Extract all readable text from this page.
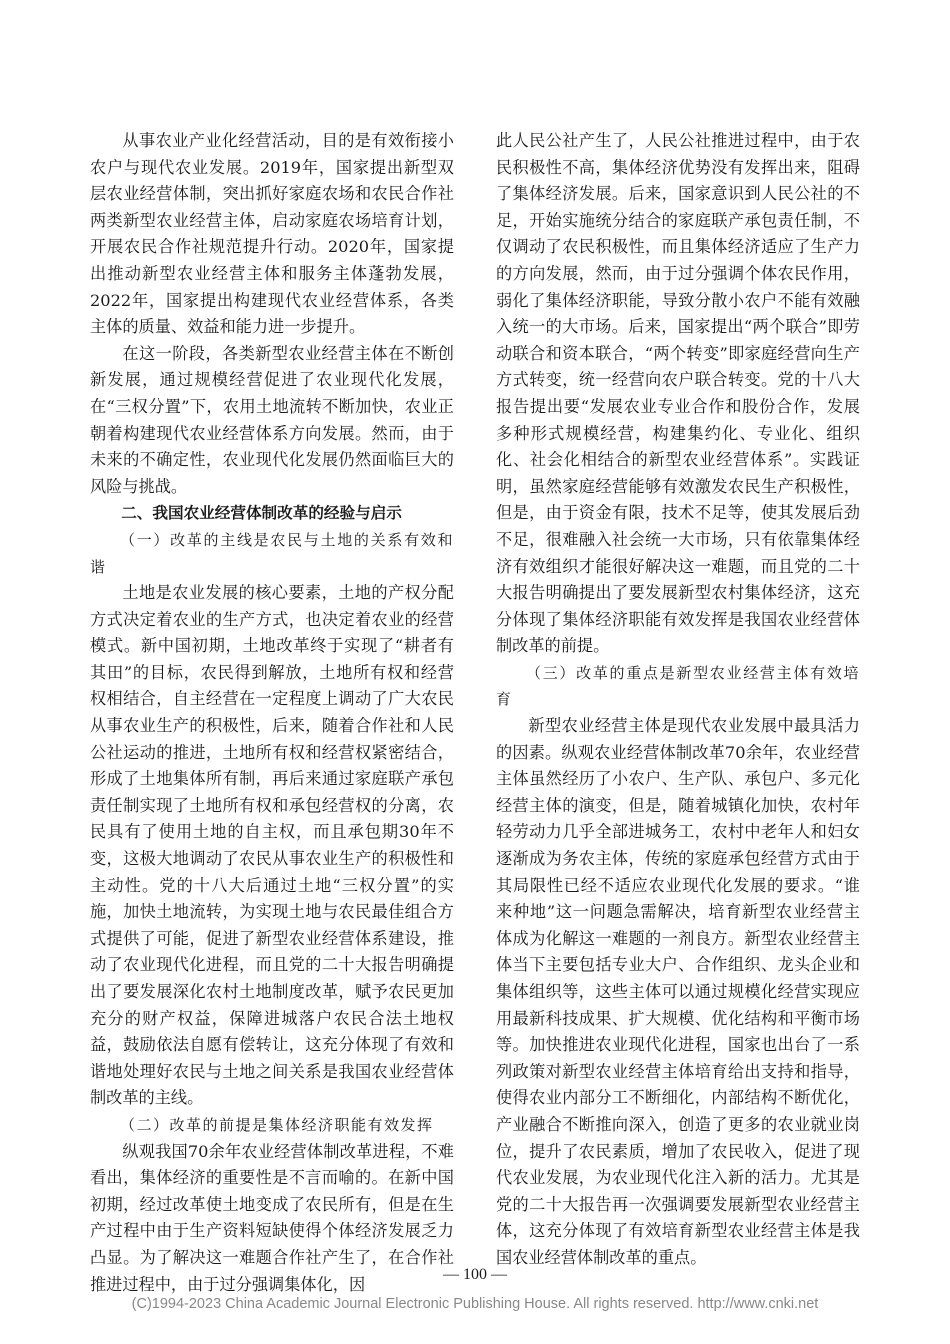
从事农业产业化经营活动，目的是有效衔接小农户与现代农业发展。2019年，国家提出新型双层农业经营体制，突出抓好家庭农场和农民合作社两类新型农业经营主体，启动家庭农场培育计划，开展农民合作社规范提升行动。2020年，国家提出推动新型农业经营主体和服务主体蓬勃发展，2022年，国家提出构建现代农业经营体系，各类主体的质量、效益和能力进一步提升。

在这一阶段，各类新型农业经营主体在不断创新发展，通过规模经营促进了农业现代化发展，在“三权分置”下，农用土地流转不断加快，农业正朝着构建现代农业经营体系方向发展。然而，由于未来的不确定性，农业现代化发展仍然面临巨大的风险与挑战。

二、我国农业经营体制改革的经验与启示

（一）改革的主线是农民与土地的关系有效和谐

土地是农业发展的核心要素，土地的产权分配方式决定着农业的生产方式，也决定着农业的经营模式。新中国初期，土地改革终于实现了“耕者有其田”的目标，农民得到解放，土地所有权和经营权相结合，自主经营在一定程度上调动了广大农民从事农业生产的积极性，后来，随着合作社和人民公社运动的推进，土地所有权和经营权紧密结合，形成了土地集体所有制，再后来通过家庭联产承包责任制实现了土地所有权和承包经营权的分离，农民具有了使用土地的自主权，而且承包期30年不变，这极大地调动了农民从事农业生产的积极性和主动性。党的十八大后通过土地“三权分置”的实施，加快土地流转，为实现土地与农民最佳组合方式提供了可能，促进了新型农业经营体系建设，推动了农业现代化进程，而且党的二十大报告明确提出了要发展深化农村土地制度改革，赋予农民更加充分的财产权益，保障进城落户农民合法土地权益，鼓励依法自愿有偿转让，这充分体现了有效和谐地处理好农民与土地之间关系是我国农业经营体制改革的主线。

（二）改革的前提是集体经济职能有效发挥

纵观我国70余年农业经营体制改革进程，不难看出，集体经济的重要性是不言而喻的。在新中国初期，经过改革使土地变成了农民所有，但是在生产过程中由于生产资料短缺使得个体经济发展乏力凸显。为了解决这一难题合作社产生了，在合作社推进过程中，由于过分强调集体化，因

此人民公社产生了，人民公社推进过程中，由于农民积极性不高，集体经济优势没有发挥出来，阻碍了集体经济发展。后来，国家意识到人民公社的不足，开始实施统分结合的家庭联产承包责任制，不仅调动了农民积极性，而且集体经济适应了生产力的方向发展，然而，由于过分强调个体农民作用，弱化了集体经济职能，导致分散小农户不能有效融入统一的大市场。后来，国家提出“两个联合”即劳动联合和资本联合，“两个转变”即家庭经营向生产方式转变，统一经营向农户联合转变。党的十八大报告提出要“发展农业专业合作和股份合作，发展多种形式规模经营，构建集约化、专业化、组织化、社会化相结合的新型农业经营体系”。实践证明，虽然家庭经营能够有效激发农民生产积极性，但是，由于资金有限，技术不足等，使其发展后劲不足，很难融入社会统一大市场，只有依靠集体经济有效组织才能很好解决这一难题，而且党的二十大报告明确提出了要发展新型农村集体经济，这充分体现了集体经济职能有效发挥是我国农业经营体制改革的前提。

（三）改革的重点是新型农业经营主体有效培育

新型农业经营主体是现代农业发展中最具活力的因素。纵观农业经营体制改革70余年，农业经营主体虽然经历了小农户、生产队、承包户、多元化经营主体的演变，但是，随着城镇化加快，农村年轻劳动力几乎全部进城务工，农村中老年人和妇女逐渐成为务农主体，传统的家庭承包经营方式由于其局限性已经不适应农业现代化发展的要求。“谁来种地”这一问题急需解决，培育新型农业经营主体成为化解这一难题的一剂良方。新型农业经营主体当下主要包括专业大户、合作组织、龙头企业和集体组织等，这些主体可以通过规模化经营实现应用最新科技成果、扩大规模、优化结构和平衡市场等。加快推进农业现代化进程，国家也出台了一系列政策对新型农业经营主体培育给出支持和指导，使得农业内部分工不断细化，内部结构不断优化，产业融合不断推向深入，创造了更多的农业就业岗位，提升了农民素质，增加了农民收入，促进了现代农业发展，为农业现代化注入新的活力。尤其是党的二十大报告再一次强调要发展新型农业经营主体，这充分体现了有效培育新型农业经营主体是我国农业经营体制改革的重点。

— 100 —
(C)1994-2023 China Academic Journal Electronic Publishing House. All rights reserved. http://www.cnki.net
